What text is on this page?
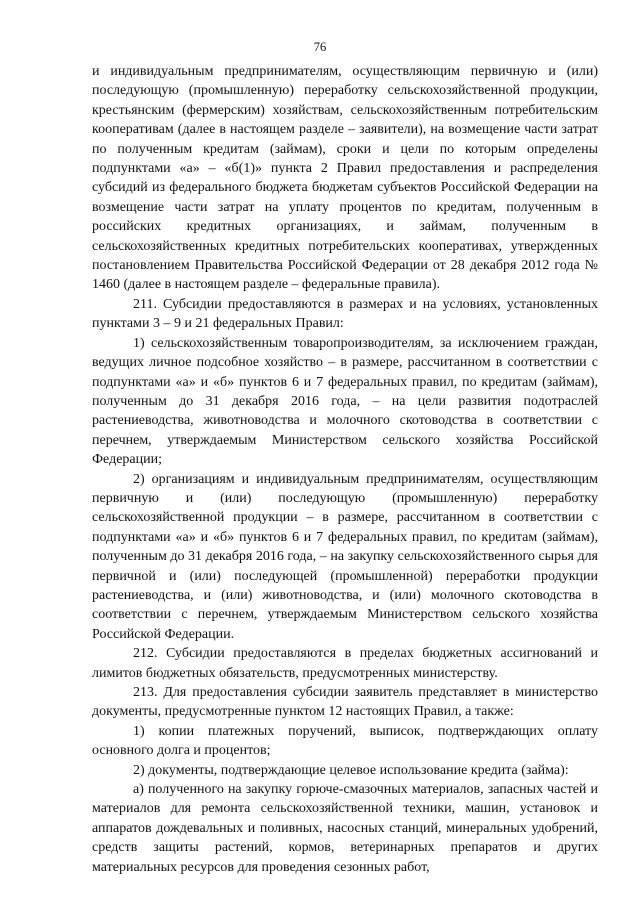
76

и индивидуальным предпринимателям, осуществляющим первичную и (или) последующую (промышленную) переработку сельскохозяйственной продукции, крестьянским (фермерским) хозяйствам, сельскохозяйственным потребительским кооперативам (далее в настоящем разделе – заявители), на возмещение части затрат по полученным кредитам (займам), сроки и цели по которым определены подпунктами «а» – «б(1)» пункта 2 Правил предоставления и распределения субсидий из федерального бюджета бюджетам субъектов Российской Федерации на возмещение части затрат на уплату процентов по кредитам, полученным в российских кредитных организациях, и займам, полученным в сельскохозяйственных кредитных потребительских кооперативах, утвержденных постановлением Правительства Российской Федерации от 28 декабря 2012 года № 1460 (далее в настоящем разделе – федеральные правила).

211. Субсидии предоставляются в размерах и на условиях, установленных пунктами 3 – 9 и 21 федеральных Правил:

1) сельскохозяйственным товаропроизводителям, за исключением граждан, ведущих личное подсобное хозяйство – в размере, рассчитанном в соответствии с подпунктами «а» и «б» пунктов 6 и 7 федеральных правил, по кредитам (займам), полученным до 31 декабря 2016 года, – на цели развития подотраслей растениеводства, животноводства и молочного скотоводства в соответствии с перечнем, утверждаемым Министерством сельского хозяйства Российской Федерации;

2) организациям и индивидуальным предпринимателям, осуществляющим первичную и (или) последующую (промышленную) переработку сельскохозяйственной продукции – в размере, рассчитанном в соответствии с подпунктами «а» и «б» пунктов 6 и 7 федеральных правил, по кредитам (займам), полученным до 31 декабря 2016 года, – на закупку сельскохозяйственного сырья для первичной и (или) последующей (промышленной) переработки продукции растениеводства, и (или) животноводства, и (или) молочного скотоводства в соответствии с перечнем, утверждаемым Министерством сельского хозяйства Российской Федерации.

212. Субсидии предоставляются в пределах бюджетных ассигнований и лимитов бюджетных обязательств, предусмотренных министерству.

213. Для предоставления субсидии заявитель представляет в министерство документы, предусмотренные пунктом 12 настоящих Правил, а также:

1) копии платежных поручений, выписок, подтверждающих оплату основного долга и процентов;

2) документы, подтверждающие целевое использование кредита (займа):

а) полученного на закупку горюче-смазочных материалов, запасных частей и материалов для ремонта сельскохозяйственной техники, машин, установок и аппаратов дождевальных и поливных, насосных станций, минеральных удобрений, средств защиты растений, кормов, ветеринарных препаратов и других материальных ресурсов для проведения сезонных работ,
